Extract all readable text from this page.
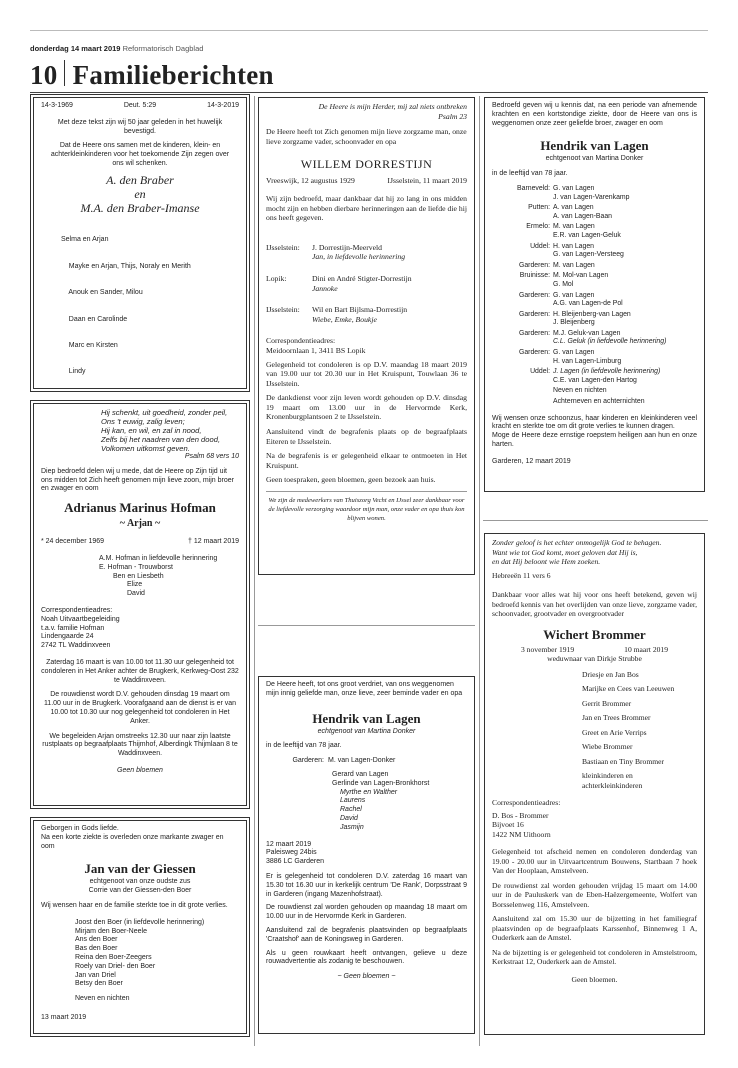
donderdag 14 maart 2019 Reformatorisch Dagblad
10 Familieberichten
14-3-1969	Deut. 5:29	14-3-2019
Met deze tekst zijn wij 50 jaar geleden in het huwelijk bevestigd.
Dat de Heere ons samen met de kinderen, klein- en achterkleinkinderen voor het toekomende Zijn zegen over ons wil schenken.
A. den Braber
en
M.A. den Braber-Imanse

Selma en Arjan

Mayke en Arjan, Thijs, Noraly en Merith

Anouk en Sander, Milou

Daan en Carolinde

Marc en Kirsten

Lindy

Hij schenkt, uit goedheid, zonder peil,
Ons 't euwig, zalig leven;
Hij kan, en wil, en zal in nood,
Zelfs bij het naadren van den dood,
Volkomen uitkomst geven.
Psalm 68 vers 10
Diep bedroefd delen wij u mede, dat de Heere op Zijn tijd uit ons midden tot Zich heeft genomen mijn lieve zoon, mijn broer en zwager en oom
Adrianus Marinus Hofman
~ Arjan ~
* 24 december 1969	† 12 maart 2019
A.M. Hofman in liefdevolle herinnering
E. Hofman - Trouwborst
Ben en Liesbeth
Elize
David
Correspondentieadres:
Noah Uitvaartbegeleiding
t.a.v. familie Hofman
Lindengaarde 24
2742 TL Waddinxveen
Zaterdag 16 maart is van 10.00 tot 11.30 uur gelegenheid tot condoleren in Het Anker achter de Brugkerk, Kerkweg-Oost 232 te Waddinxveen.
De rouwdienst wordt D.V. gehouden dinsdag 19 maart om 11.00 uur in de Brugkerk. Voorafgaand aan de dienst is er van 10.00 tot 10.30 uur nog gelegenheid tot condoleren in Het Anker.
We begeleiden Arjan omstreeks 12.30 uur naar zijn laatste rustplaats op begraafplaats Thijmhof, Alberdingk Thijmlaan 8 te Waddinxveen.
Geen bloemen
Geborgen in Gods liefde.
Na een korte ziekte is overleden onze markante zwager en oom
Jan van der Giessen
echtgenoot van onze oudste zus
Corrie van der Giessen-den Boer
Wij wensen haar en de familie sterkte toe in dit grote verlies.
Joost den Boer (in liefdevolle herinnering)
Mirjam den Boer-Neele
Ans den Boer
Bas den Boer
Reina den Boer-Zeegers
Roely van Driel- den Boer
Jan van Driel
Betsy den Boer
Neven en nichten
13 maart 2019
De Heere is mijn Herder, mij zal niets ontbreken
Psalm 23
De Heere heeft tot Zich genomen mijn lieve zorgzame man, onze lieve zorgzame vader, schoonvader en opa
WILLEM DORRESTIJN
Vreeswijk, 12 augustus 1929	IJsselstein, 11 maart 2019
Wij zijn bedroefd, maar dankbaar dat hij zo lang in ons midden mocht zijn en hebben dierbare herinneringen aan de liefde die hij ons heeft gegeven.
IJsselstein:	J. Dorrestijn-Meerveld
Jan, in liefdevolle herinnering
Lopik:	Dini en André Stigter-Dorrestijn
Jannoke
IJsselstein:	Wil en Bart Bijlsma-Dorrestijn
Wiebe, Emke, Boukje
Correspondentieadres:
Meidoornlaan 1, 3411 BS Lopik
Gelegenheid tot condoleren is op D.V. maandag 18 maart 2019 van 19.00 uur tot 20.30 uur in Het Kruispunt, Touwlaan 36 te IJsselstein.
De dankdienst voor zijn leven wordt gehouden op D.V. dinsdag 19 maart om 13.00 uur in de Hervormde Kerk, Kronenburgplantsoen 2 te IJsselstein.
Aansluitend vindt de begrafenis plaats op de begraafplaats Eiteren te IJsselstein.
Na de begrafenis is er gelegenheid elkaar te ontmoeten in Het Kruispunt.
Geen toespraken, geen bloemen, geen bezoek aan huis.
We zijn de medewerkers van Thuiszorg Vecht en IJssel zeer dankbaar voor de liefdevolle verzorging waardoor mijn man, onze vader en opa thuis kon blijven wonen.
De Heere heeft, tot ons groot verdriet, van ons weggenomen mijn innig geliefde man, onze lieve, zeer beminde vader en opa
Hendrik van Lagen
echtgenoot van Martina Donker
in de leeftijd van 78 jaar.
Garderen: M. van Lagen-Donker
Gerard van Lagen
Gerlinde van Lagen-Bronkhorst
Myrthe en Walther
Laurens
Rachel
David
Jasmijn
12 maart 2019
Paleisweg 24bis
3886 LC Garderen
Er is gelegenheid tot condoleren D.V. zaterdag 16 maart van 15.30 tot 16.30 uur in kerkelijk centrum 'De Rank', Dorpsstraat 9 in Garderen (ingang Mazenhofstraat).
De rouwdienst zal worden gehouden op maandag 18 maart om 10.00 uur in de Hervormde Kerk in Garderen.
Aansluitend zal de begrafenis plaatsvinden op begraafplaats 'Craatshof' aan de Koningsweg in Garderen.
Als u geen rouwkaart heeft ontvangen, gelieve u deze rouwadvertentie als zodanig te beschouwen.
~ Geen bloemen ~
Bedroefd geven wij u kennis dat, na een periode van afnemende krachten en een kortstondige ziekte, door de Heere van ons is weggenomen onze zeer geliefde broer, zwager en oom
Hendrik van Lagen
echtgenoot van Martina Donker
in de leeftijd van 78 jaar.
Barneveld: G. van Lagen
J. van Lagen-Varenkamp
Putten: A. van Lagen
A. van Lagen-Baan
Ermelo: M. van Lagen
E.R. van Lagen-Geluk
Uddel: H. van Lagen
G. van Lagen-Versteeg
Garderen: M. van Lagen
Bruinisse: M. Mol-van Lagen
G. Mol
Garderen: G. van Lagen
A.G. van Lagen-de Pol
Garderen: H. Bleijenberg-van Lagen
J. Bleijenberg
Garderen: M.J. Geluk-van Lagen
C.L. Geluk (in liefdevolle herinnering)
Garderen: G. van Lagen
H. van Lagen-Limburg
Uddel: J. Lagen (in liefdevolle herinnering)
C.E. van Lagen-den Hartog
Neven en nichten
Achterneven en achternichten
Wij wensen onze schoonzus, haar kinderen en kleinkinderen veel kracht en sterkte toe om dit grote verlies te kunnen dragen.
Moge de Heere deze ernstige roepstem heiligen aan hun en onze harten.
Garderen, 12 maart 2019
Zonder geloof is het echter onmogelijk God te behagen.
Want wie tot God komt, moet geloven dat Hij is,
en dat Hij beloont wie Hem zoeken.
Hebreeën 11 vers 6
Dankbaar voor alles wat hij voor ons heeft betekend, geven wij bedroefd kennis van het overlijden van onze lieve, zorgzame vader, schoonvader, grootvader en overgrootvader
Wichert Brommer
3 november 1919	10 maart 2019
weduwnaar van Dirkje Strubbe
Driesje en Jan Bos
Marijke en Cees van Leeuwen
Gerrit Brommer
Jan en Trees Brommer
Greet en Arie Verrips
Wiebe Brommer
Bastiaan en Tiny Brommer
kleinkinderen en
achterkleinkinderen
Correspondentieadres:
D. Bos - Brommer
Bijvoet 16
1422 NM Uithoorn
Gelegenheid tot afscheid nemen en condoleren donderdag van 19.00 - 20.00 uur in Uitvaartcentrum Bouwens, Startbaan 7 hoek Van der Hooplaan, Amstelveen.
De rouwdienst zal worden gehouden vrijdag 15 maart om 14.00 uur in de Pauluskerk van de Eben-Haëzergemeente, Wolfert van Borsselenweg 116, Amstelveen.
Aansluitend zal om 15.30 uur de bijzetting in het familiegraf plaatsvinden op de begraafplaats Karssenhof, Binnenweg 1 A, Ouderkerk aan de Amstel.
Na de bijzetting is er gelegenheid tot condoleren in Amstelstroom, Kerkstraat 12, Ouderkerk aan de Amstel.
Geen bloemen.
